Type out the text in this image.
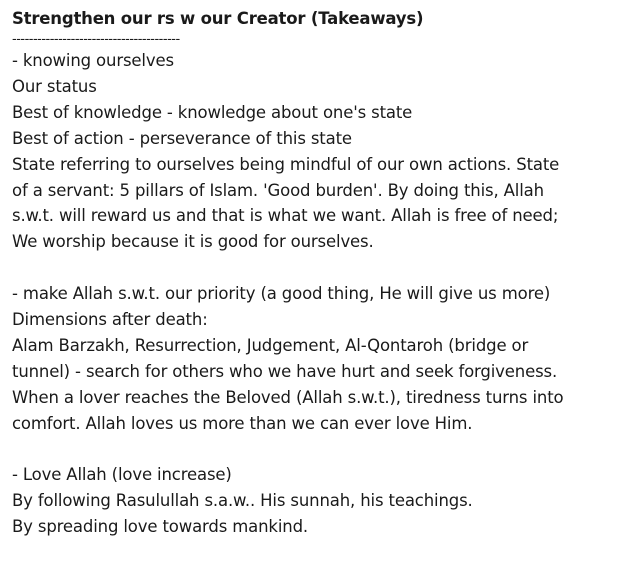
Strengthen our rs w our Creator (Takeaways)
----------------------------------------
- knowing ourselves
Our status
Best of knowledge - knowledge about one's state
Best of action - perseverance of this state
State referring to ourselves being mindful of our own actions. State
of a servant: 5 pillars of Islam. 'Good burden'. By doing this, Allah
s.w.t. will reward us and that is what we want. Allah is free of need;
We worship because it is good for ourselves.
- make Allah s.w.t. our priority (a good thing, He will give us more)
Dimensions after death:
Alam Barzakh, Resurrection, Judgement, Al-Qontaroh (bridge or
tunnel) - search for others who we have hurt and seek forgiveness.
When a lover reaches the Beloved (Allah s.w.t.), tiredness turns into
comfort. Allah loves us more than we can ever love Him.
- Love Allah (love increase)
By following Rasulullah s.a.w.. His sunnah, his teachings.
By spreading love towards mankind.
